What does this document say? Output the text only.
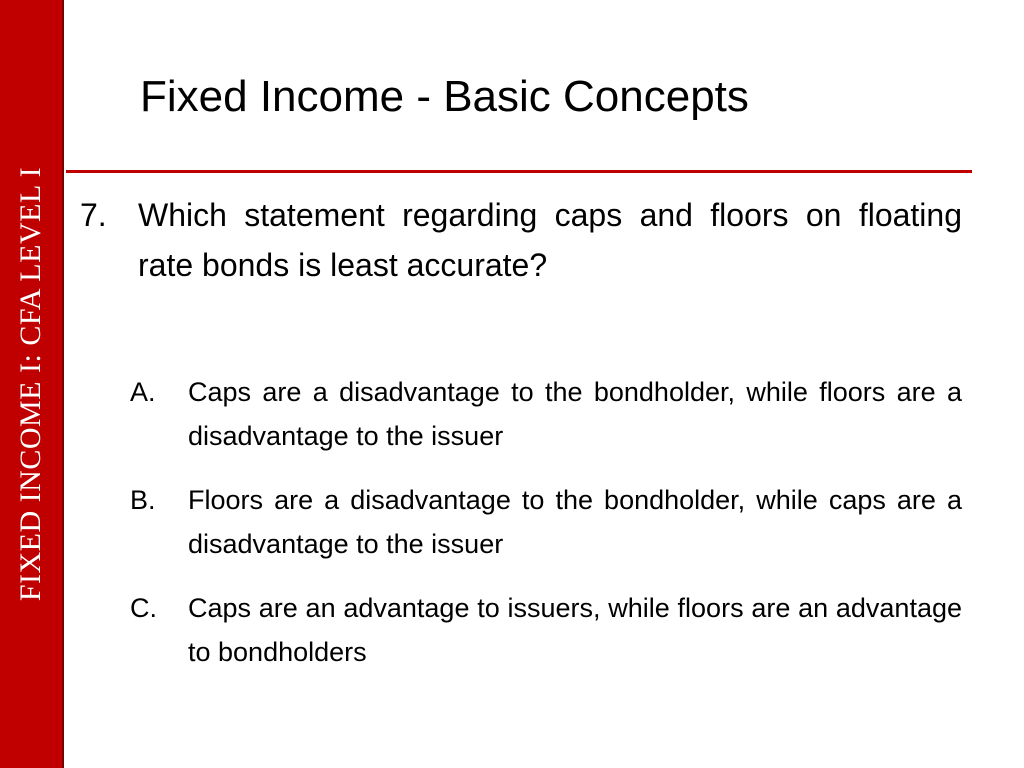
FIXED INCOME I: CFA LEVEL I
Fixed Income - Basic Concepts
7. Which statement regarding caps and floors on floating rate bonds is least accurate?
A. Caps are a disadvantage to the bondholder, while floors are a disadvantage to the issuer
B. Floors are a disadvantage to the bondholder, while caps are a disadvantage to the issuer
C. Caps are an advantage to issuers, while floors are an advantage to bondholders
